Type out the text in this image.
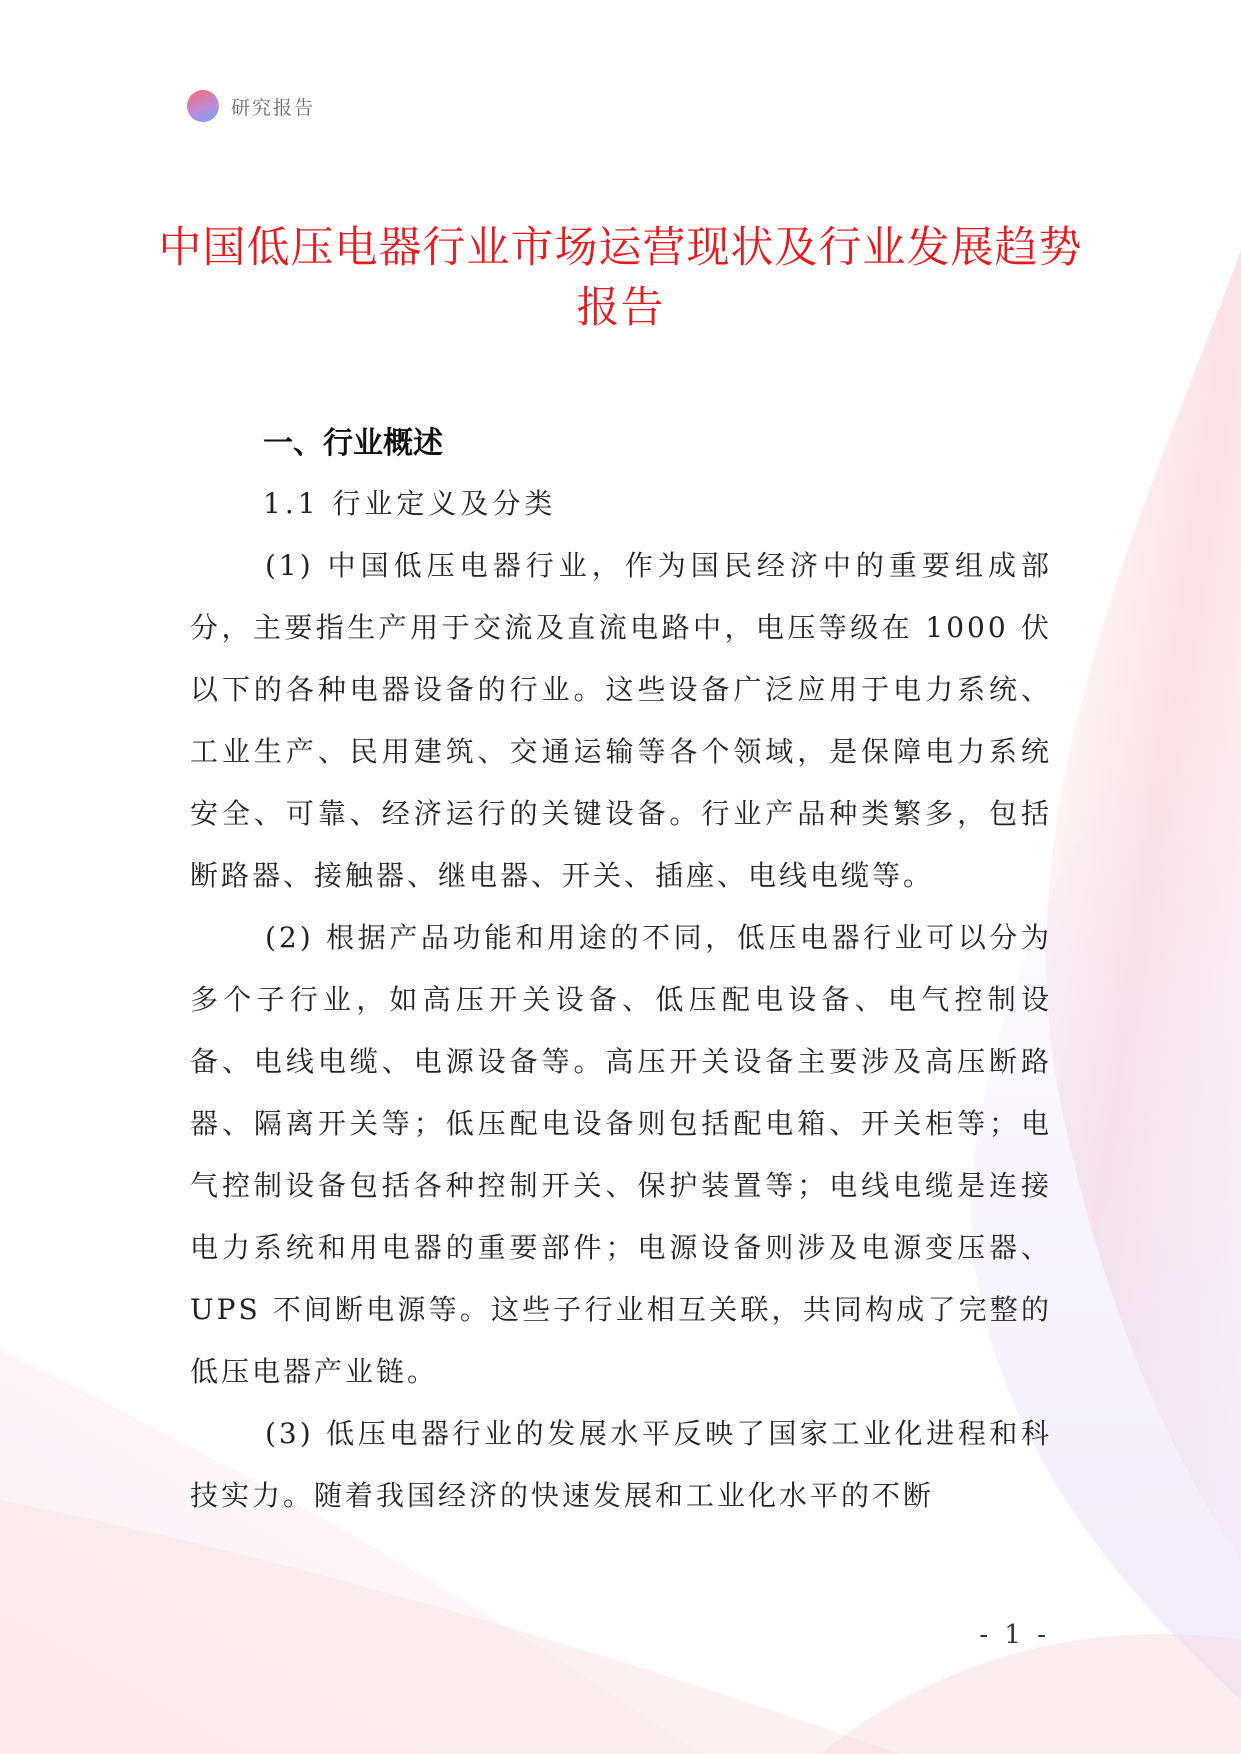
研究报告
中国低压电器行业市场运营现状及行业发展趋势报告
一、行业概述
1.1 行业定义及分类

(1) 中国低压电器行业，作为国民经济中的重要组成部分，主要指生产用于交流及直流电路中，电压等级在 1000 伏以下的各种电器设备的行业。这些设备广泛应用于电力系统、工业生产、民用建筑、交通运输等各个领域，是保障电力系统安全、可靠、经济运行的关键设备。行业产品种类繁多，包括断路器、接触器、继电器、开关、插座、电线电缆等。

(2) 根据产品功能和用途的不同，低压电器行业可以分为多个子行业，如高压开关设备、低压配电设备、电气控制设备、电线电缆、电源设备等。高压开关设备主要涉及高压断路器、隔离开关等；低压配电设备则包括配电箱、开关柜等；电气控制设备包括各种控制开关、保护装置等；电线电缆是连接电力系统和用电器的重要部件；电源设备则涉及电源变压器、UPS 不间断电源等。这些子行业相互关联，共同构成了完整的低压电器产业链。

(3) 低压电器行业的发展水平反映了国家工业化进程和科技实力。随着我国经济的快速发展和工业化水平的不断

- 1 -
